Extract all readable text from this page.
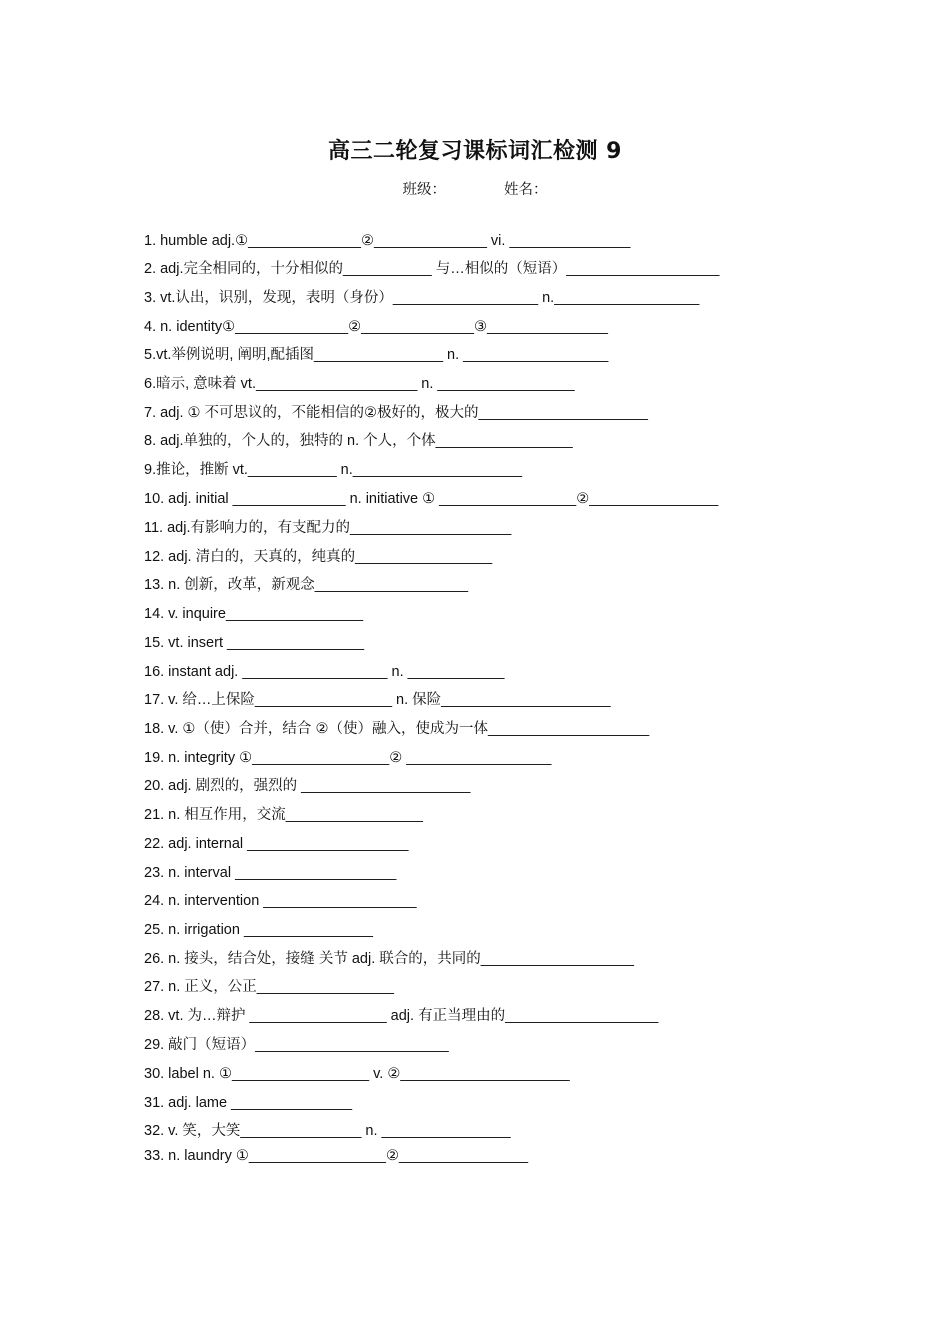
高三二轮复习课标词汇检测 9
班级：	姓名：
1. humble adj.①______________②______________ vi. _______________
2. adj.完全相同的，十分相似的___________ 与…相似的（短语）___________________
3. vt.认出，识别，发现，表明（身份）__________________ n.__________________
4. n. identity①______________②______________③_______________
5.vt.举例说明, 阐明,配插图________________ n. __________________
6.暗示, 意味着 vt.____________________ n. _________________
7. adj. ① 不可思议的，不能相信的②极好的，极大的_____________________
8. adj.单独的，个人的，独特的 n. 个人，个体_________________
9.推论，推断 vt.___________ n._____________________
10. adj. initial ______________ n. initiative ① _________________②________________
11. adj.有影响力的，有支配力的____________________
12. adj. 清白的，天真的，纯真的_________________
13. n. 创新，改革，新观念___________________
14. v. inquire_________________
15. vt. insert _________________
16. instant adj. __________________ n. ____________
17. v. 给…上保险_________________ n. 保险_____________________
18. v. ①（使）合并，结合 ②（使）融入，使成为一体____________________
19. n. integrity ①_________________② __________________
20. adj. 剧烈的，强烈的 _____________________
21. n. 相互作用，交流_________________
22. adj. internal ____________________
23. n. interval ____________________
24. n. intervention ___________________
25. n. irrigation ________________
26. n. 接头，结合处，接缝 关节 adj. 联合的，共同的___________________
27. n. 正义，公正_________________
28. vt. 为…辩护 _________________ adj. 有正当理由的___________________
29. 敲门（短语）________________________
30. label n. ①_________________ v. ②_____________________
31. adj. lame _______________
32. v. 笑，大笑_______________ n. ________________
33. n. laundry ①_________________②________________
